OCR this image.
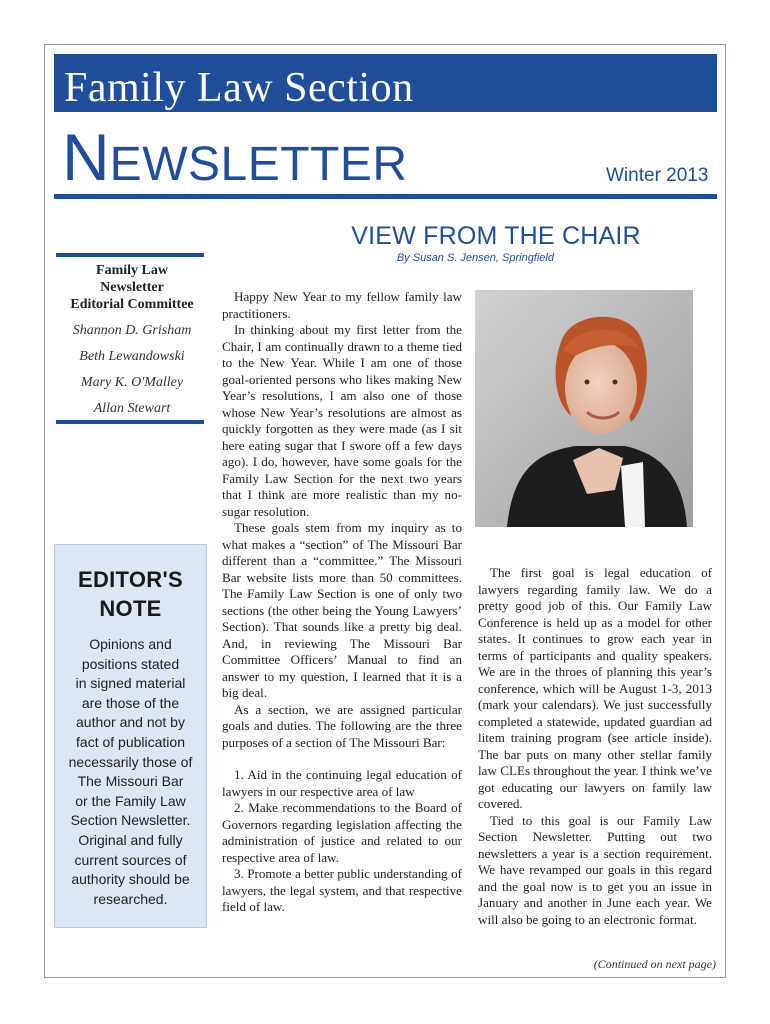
Family Law Section
NEWSLETTER	Winter 2013
Family Law
Newsletter
Editorial Committee
Shannon D. Grisham
Beth Lewandowski
Mary K. O'Malley
Allan Stewart
EDITOR'S
NOTE
Opinions and
positions stated
in signed material
are those of the
author and not by
fact of publication
necessarily those of
The Missouri Bar
or the Family Law
Section Newsletter.
Original and fully
current sources of
authority should be
researched.
VIEW FROM THE CHAIR
By Susan S. Jensen, Springfield

Happy New Year to my fellow family law practitioners.

In thinking about my first letter from the Chair, I am continually drawn to a theme tied to the New Year. While I am one of those goal-oriented persons who likes making New Year’s resolutions, I am also one of those whose New Year’s resolutions are almost as quickly forgotten as they were made (as I sit here eating sugar that I swore off a few days ago). I do, however, have some goals for the Family Law Section for the next two years that I think are more realistic than my no-sugar resolution.

These goals stem from my inquiry as to what makes a “section” of The Missouri Bar different than a “committee.” The Missouri Bar website lists more than 50 committees. The Family Law Section is one of only two sections (the other being the Young Lawyers’ Section). That sounds like a pretty big deal. And, in reviewing The Missouri Bar Committee Officers’ Manual to find an answer to my question, I learned that it is a big deal.

As a section, we are assigned particular goals and duties. The following are the three purposes of a section of The Missouri Bar:

1. Aid in the continuing legal education of lawyers in our respective area of law

2. Make recommendations to the Board of Governors regarding legislation affecting the administration of justice and related to our respective area of law.

3. Promote a better public understanding of lawyers, the legal system, and that respective field of law.

The first goal is legal education of lawyers regarding family law. We do a pretty good job of this. Our Family Law Conference is held up as a model for other states. It continues to grow each year in terms of participants and quality speakers. We are in the throes of planning this year’s conference, which will be August 1-3, 2013 (mark your calendars). We just successfully completed a statewide, updated guardian ad litem training program (see article inside). The bar puts on many other stellar family law CLEs throughout the year. I think we’ve got educating our lawyers on family law covered.

Tied to this goal is our Family Law Section Newsletter. Putting out two newsletters a year is a section requirement. We have revamped our goals in this regard and the goal now is to get you an issue in January and another in June each year. We will also be going to an electronic format.

(Continued on next page)
